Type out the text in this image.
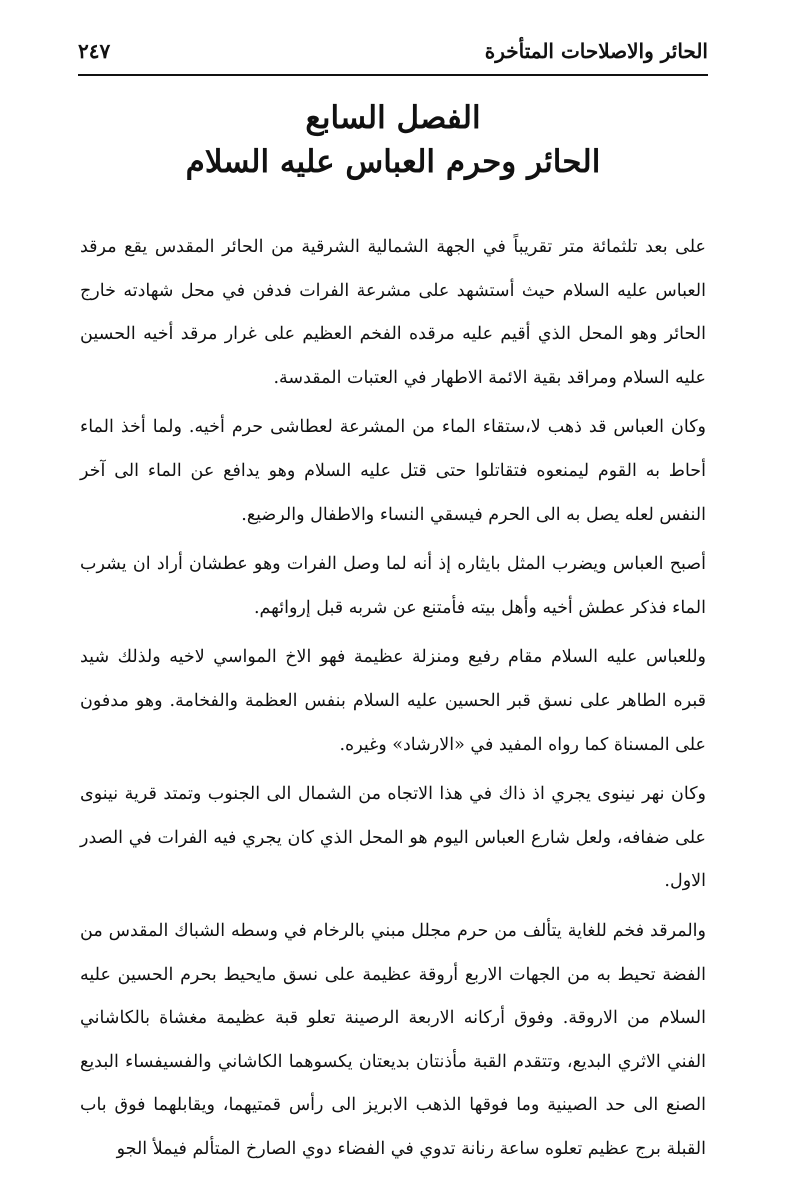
الحائر والاصلاحات المتأخرة
٢٤٧
الفصل السابع
الحائر وحرم العباس عليه السلام

على بعد تلثمائة متر تقريباً في الجهة الشمالية الشرقية من الحائر المقدس يقع مرقد العباس عليه السلام حيث أستشهد على مشرعة الفرات فدفن في محل شهادته خارج الحائر وهو المحل الذي أقيم عليه مرقده الفخم العظيم على غرار مرقد أخيه الحسين عليه السلام ومراقد بقية الائمة الاطهار في العتبات المقدسة.

وكان العباس قد ذهب لا،ستقاء الماء من المشرعة لعطاشى حرم أخيه. ولما أخذ الماء أحاط به القوم ليمنعوه فتقاتلوا حتى قتل عليه السلام وهو يدافع عن الماء الى آخر النفس لعله يصل به الى الحرم فيسقي النساء والاطفال والرضيع.

أصبح العباس ويضرب المثل بايثاره إذ أنه لما وصل الفرات وهو عطشان أراد ان يشرب الماء فذكر عطش أخيه وأهل بيته فأمتنع عن شربه قبل إروائهم.

وللعباس عليه السلام مقام رفيع ومنزلة عظيمة فهو الاخ المواسي لاخيه ولذلك شيد قبره الطاهر على نسق قبر الحسين عليه السلام بنفس العظمة والفخامة. وهو مدفون على المسناة كما رواه المفيد في «الارشاد» وغيره.

وكان نهر نينوى يجري اذ ذاك في هذا الاتجاه من الشمال الى الجنوب وتمتد قرية نينوى على ضفافه، ولعل شارع العباس اليوم هو المحل الذي كان يجري فيه الفرات في الصدر الاول.

والمرقد فخم للغاية يتألف من حرم مجلل مبني بالرخام في وسطه الشباك المقدس من الفضة تحيط به من الجهات الاربع أروقة عظيمة على نسق مايحيط بحرم الحسين عليه السلام من الاروقة. وفوق أركانه الاربعة الرصينة تعلو قبة عظيمة مغشاة بالكاشاني الفني الاثري البديع، وتتقدم القبة مأذنتان بديعتان يكسوهما الكاشاني والفسيفساء البديع الصنع الى حد الصينية وما فوقها الذهب الابريز الى رأس قمتيهما، ويقابلهما فوق باب القبلة برج عظيم تعلوه ساعة رنانة تدوي في الفضاء دوي الصارخ المتألم فيملأ الجو
